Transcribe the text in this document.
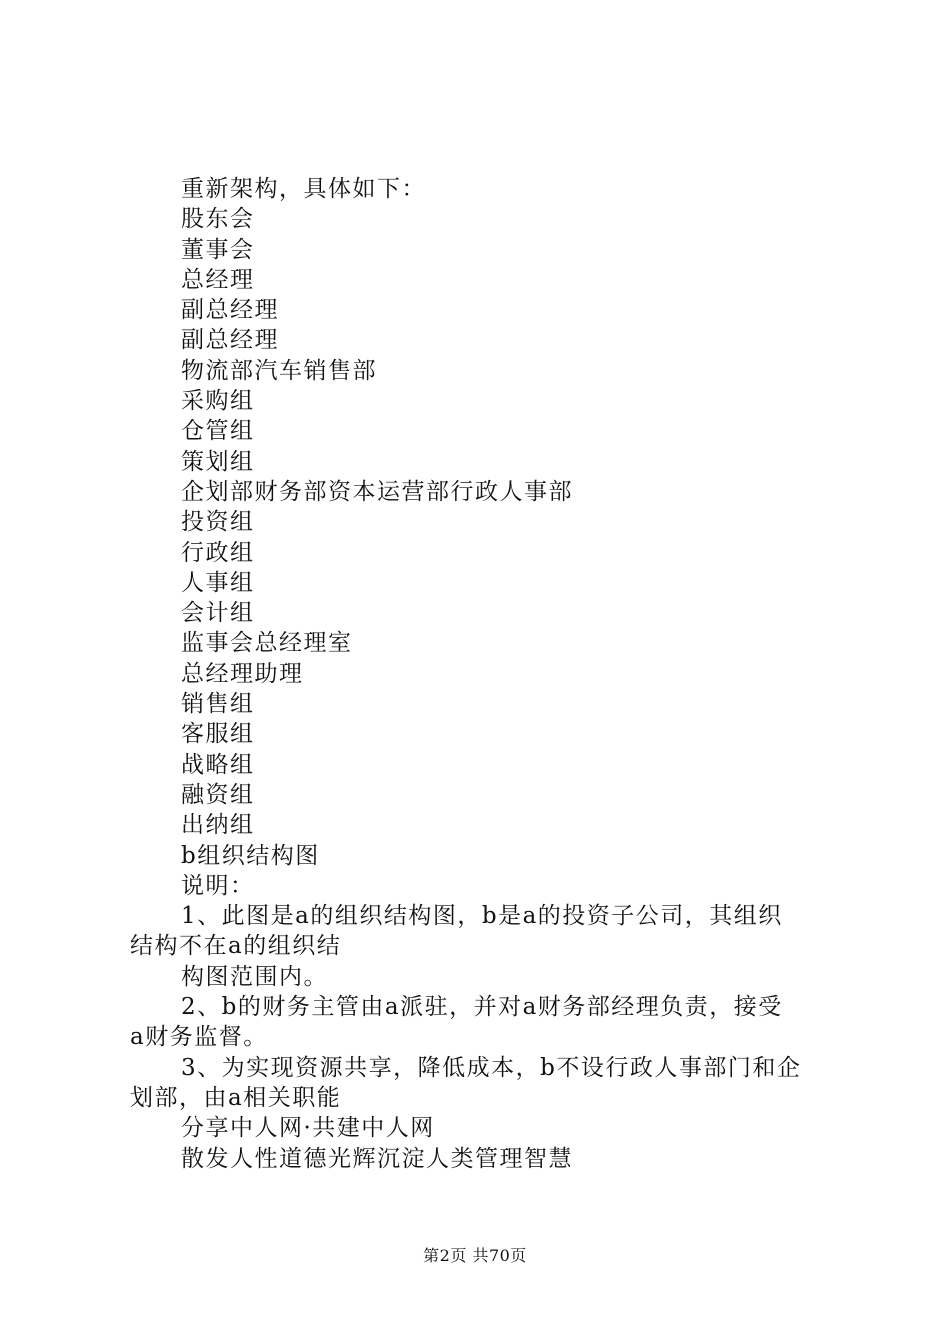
重新架构，具体如下：
股东会
董事会
总经理
副总经理
副总经理
物流部汽车销售部
采购组
仓管组
策划组
企划部财务部资本运营部行政人事部
投资组
行政组
人事组
会计组
监事会总经理室
总经理助理
销售组
客服组
战略组
融资组
出纳组
b组织结构图
说明：
1、此图是a的组织结构图，b是a的投资子公司，其组织
结构不在a的组织结
构图范围内。
2、b的财务主管由a派驻，并对a财务部经理负责，接受
a财务监督。
3、为实现资源共享，降低成本，b不设行政人事部门和企
划部，由a相关职能
分享中人网·共建中人网
散发人性道德光辉沉淀人类管理智慧
第2页 共70页
